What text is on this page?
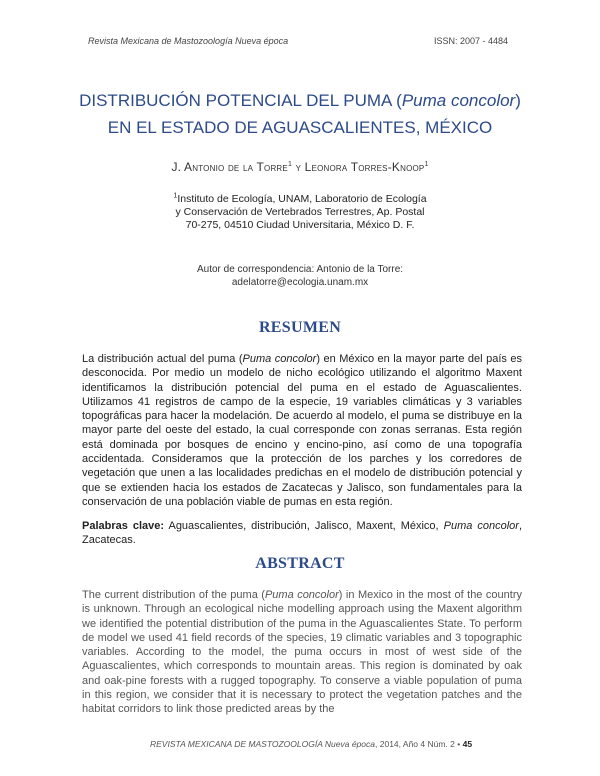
Revista Mexicana de Mastozoología Nueva época	ISSN: 2007 - 4484
DISTRIBUCIÓN POTENCIAL DEL PUMA (Puma concolor)
EN EL ESTADO DE AGUASCALIENTES, MÉXICO
J. Antonio de la Torre$^1$ y Leonora Torres-Knoop$^1$
$^1$Instituto de Ecología, UNAM, Laboratorio de Ecología
y Conservación de Vertebrados Terrestres, Ap. Postal
70-275, 04510 Ciudad Universitaria, México D. F.
Autor de correspondencia: Antonio de la Torre:
adelatorre@ecologia.unam.mx
RESUMEN
La distribución actual del puma (Puma concolor) en México en la mayor parte del país es desconocida. Por medio un modelo de nicho ecológico utilizando el algoritmo Maxent identificamos la distribución potencial del puma en el estado de Aguascalientes. Utilizamos 41 registros de campo de la especie, 19 variables climáticas y 3 variables topográficas para hacer la modelación. De acuerdo al modelo, el puma se distribuye en la mayor parte del oeste del estado, la cual corresponde con zonas serranas. Esta región está dominada por bosques de encino y encino-pino, así como de una topografía accidentada. Consideramos que la protección de los parches y los corredores de vegetación que unen a las localidades predichas en el modelo de distribución potencial y que se extienden hacia los estados de Zacatecas y Jalisco, son fundamentales para la conservación de una población viable de pumas en esta región.
Palabras clave: Aguascalientes, distribución, Jalisco, Maxent, México, Puma concolor, Zacatecas.
ABSTRACT
The current distribution of the puma (Puma concolor) in Mexico in the most of the country is unknown. Through an ecological niche modelling approach using the Maxent algorithm we identified the potential distribution of the puma in the Aguascalientes State. To perform de model we used 41 field records of the species, 19 climatic variables and 3 topographic variables. According to the model, the puma occurs in most of west side of the Aguascalientes, which corresponds to mountain areas. This region is dominated by oak and oak-pine forests with a rugged topography. To conserve a viable population of puma in this region, we consider that it is necessary to protect the vegetation patches and the habitat corridors to link those predicted areas by the
REVISTA MEXICANA DE MASTOZOOLOGÍA Nueva época, 2014, Año 4 Núm. 2 • 45
